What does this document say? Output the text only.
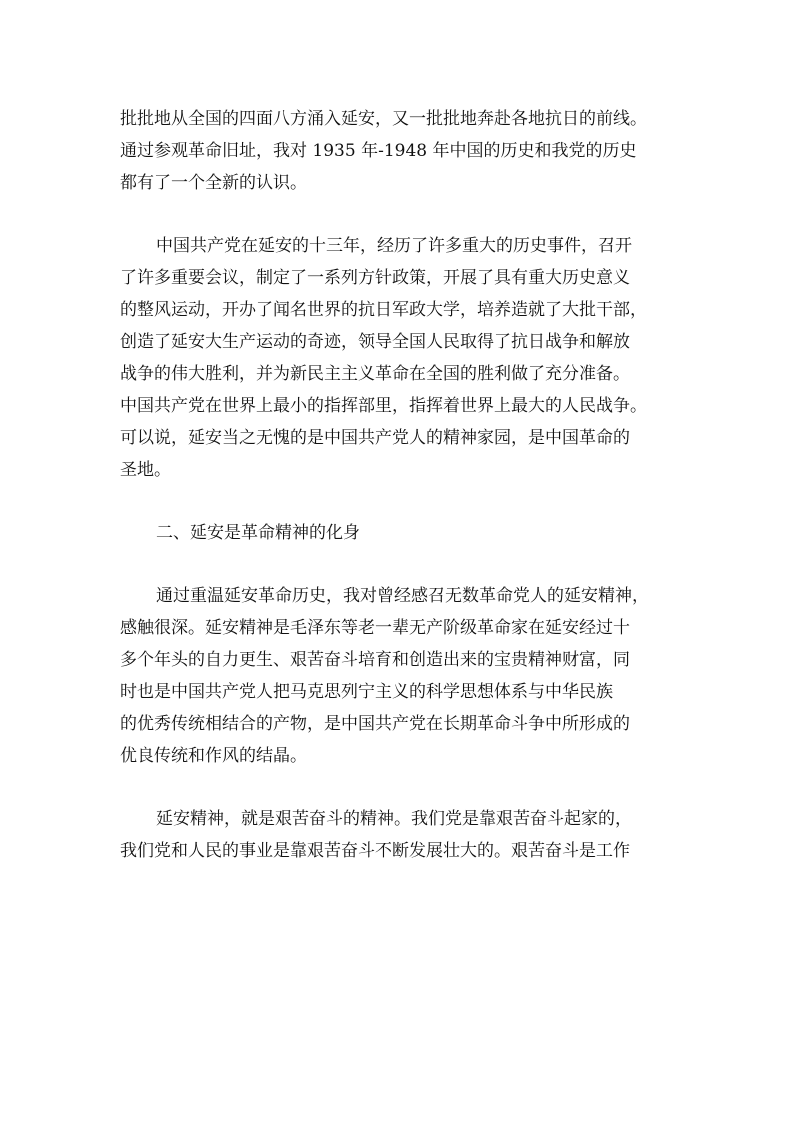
批批地从全国的四面八方涌入延安，又一批批地奔赴各地抗日的前线。
通过参观革命旧址，我对 1935 年-1948 年中国的历史和我党的历史
都有了一个全新的认识。
中国共产党在延安的十三年，经历了许多重大的历史事件，召开
了许多重要会议，制定了一系列方针政策，开展了具有重大历史意义
的整风运动，开办了闻名世界的抗日军政大学，培养造就了大批干部，
创造了延安大生产运动的奇迹，领导全国人民取得了抗日战争和解放
战争的伟大胜利，并为新民主主义革命在全国的胜利做了充分准备。
中国共产党在世界上最小的指挥部里，指挥着世界上最大的人民战争。
可以说，延安当之无愧的是中国共产党人的精神家园，是中国革命的
圣地。
二、延安是革命精神的化身
通过重温延安革命历史，我对曾经感召无数革命党人的延安精神，
感触很深。延安精神是毛泽东等老一辈无产阶级革命家在延安经过十
多个年头的自力更生、艰苦奋斗培育和创造出来的宝贵精神财富，同
时也是中国共产党人把马克思列宁主义的科学思想体系与中华民族
的优秀传统相结合的产物，是中国共产党在长期革命斗争中所形成的
优良传统和作风的结晶。
延安精神，就是艰苦奋斗的精神。我们党是靠艰苦奋斗起家的，
我们党和人民的事业是靠艰苦奋斗不断发展壮大的。艰苦奋斗是工作
